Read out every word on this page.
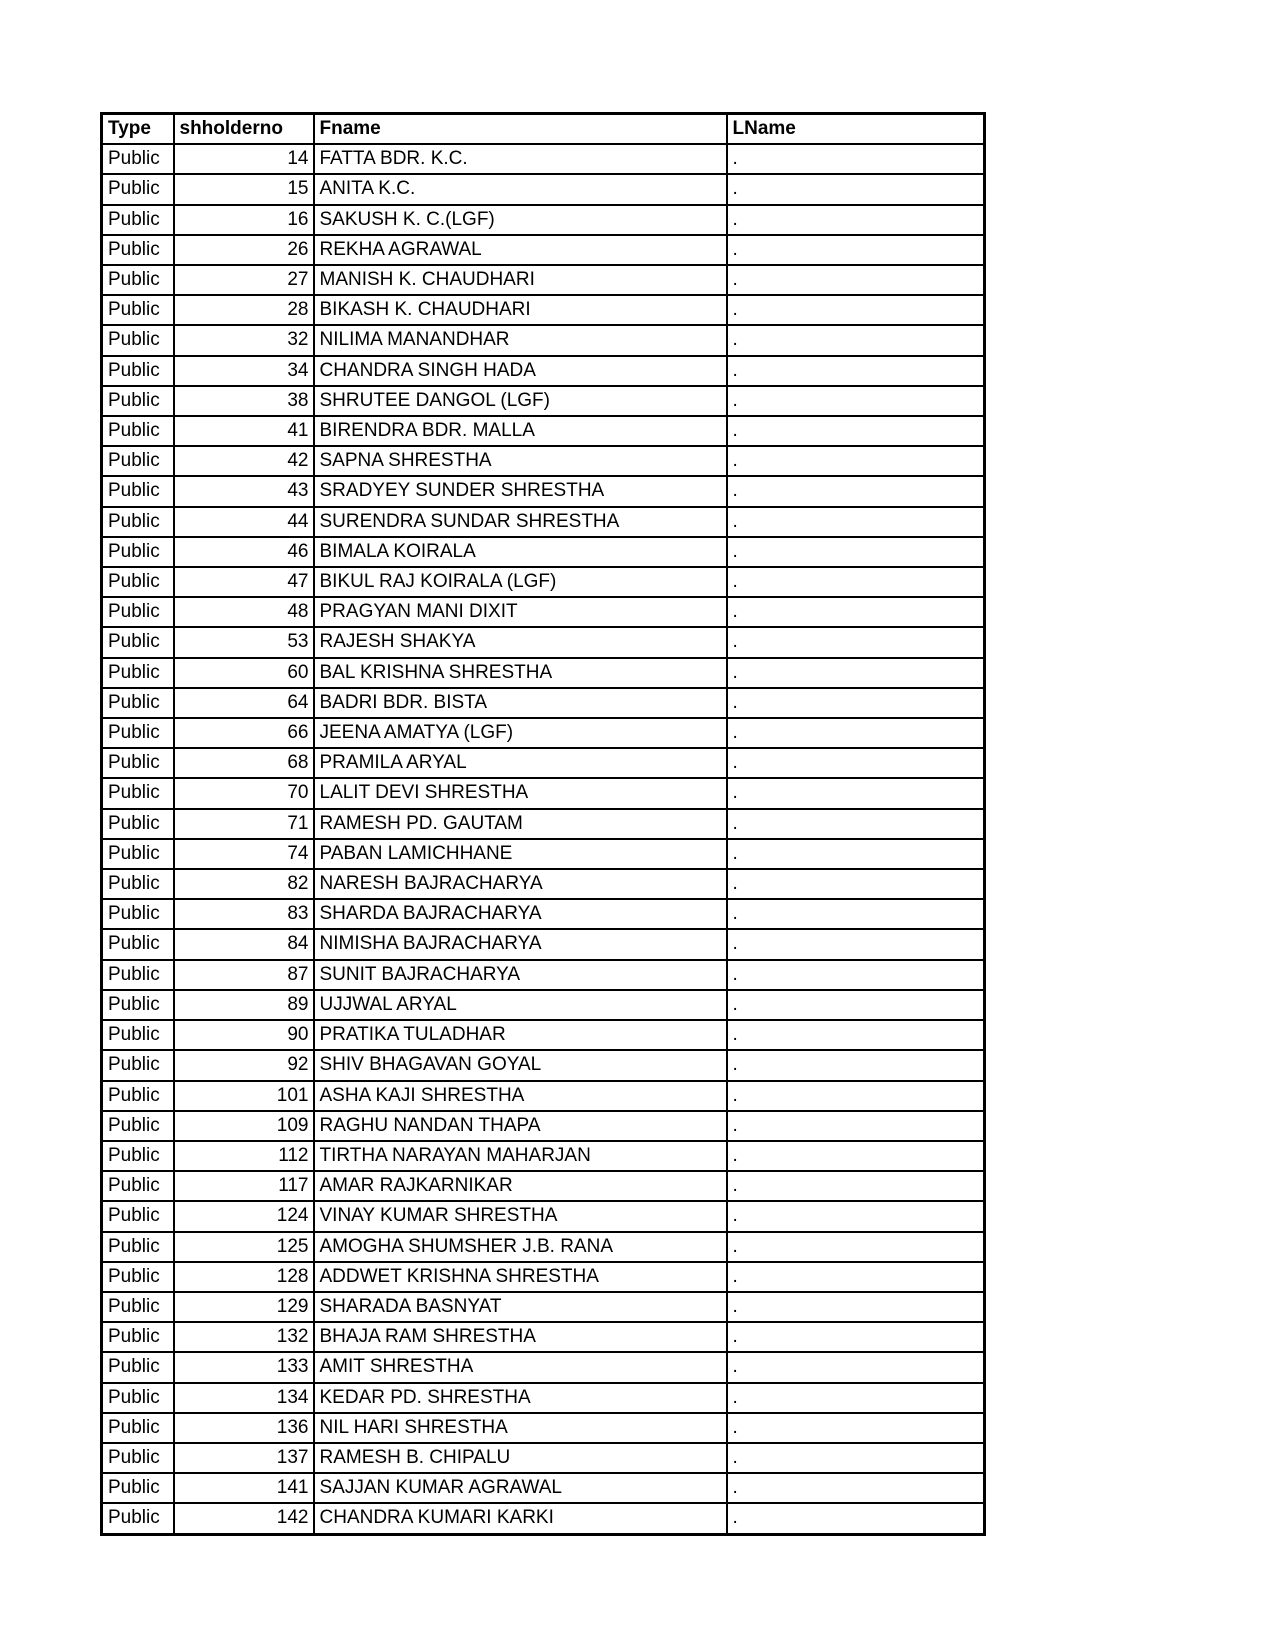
Type	shholderno	Fname	LName
Public	14	FATTA BDR. K.C.	.
Public	15	ANITA K.C.	.
Public	16	SAKUSH K. C.(LGF)	.
Public	26	REKHA AGRAWAL	.
Public	27	MANISH K. CHAUDHARI	.
Public	28	BIKASH K. CHAUDHARI	.
Public	32	NILIMA MANANDHAR	.
Public	34	CHANDRA SINGH HADA	.
Public	38	SHRUTEE DANGOL (LGF)	.
Public	41	BIRENDRA BDR. MALLA	.
Public	42	SAPNA SHRESTHA	.
Public	43	SRADYEY SUNDER SHRESTHA	.
Public	44	SURENDRA SUNDAR SHRESTHA	.
Public	46	BIMALA KOIRALA	.
Public	47	BIKUL RAJ KOIRALA (LGF)	.
Public	48	PRAGYAN MANI DIXIT	.
Public	53	RAJESH SHAKYA	.
Public	60	BAL KRISHNA SHRESTHA	.
Public	64	BADRI BDR. BISTA	.
Public	66	JEENA AMATYA (LGF)	.
Public	68	PRAMILA ARYAL	.
Public	70	LALIT DEVI SHRESTHA	.
Public	71	RAMESH PD. GAUTAM	.
Public	74	PABAN LAMICHHANE	.
Public	82	NARESH BAJRACHARYA	.
Public	83	SHARDA BAJRACHARYA	.
Public	84	NIMISHA BAJRACHARYA	.
Public	87	SUNIT BAJRACHARYA	.
Public	89	UJJWAL ARYAL	.
Public	90	PRATIKA TULADHAR	.
Public	92	SHIV BHAGAVAN GOYAL	.
Public	101	ASHA KAJI SHRESTHA	.
Public	109	RAGHU NANDAN THAPA	.
Public	112	TIRTHA NARAYAN MAHARJAN	.
Public	117	AMAR RAJKARNIKAR	.
Public	124	VINAY KUMAR SHRESTHA	.
Public	125	AMOGHA SHUMSHER J.B. RANA	.
Public	128	ADDWET KRISHNA SHRESTHA	.
Public	129	SHARADA BASNYAT	.
Public	132	BHAJA RAM SHRESTHA	.
Public	133	AMIT SHRESTHA	.
Public	134	KEDAR PD. SHRESTHA	.
Public	136	NIL HARI SHRESTHA	.
Public	137	RAMESH B. CHIPALU	.
Public	141	SAJJAN KUMAR AGRAWAL	.
Public	142	CHANDRA KUMARI KARKI	.
